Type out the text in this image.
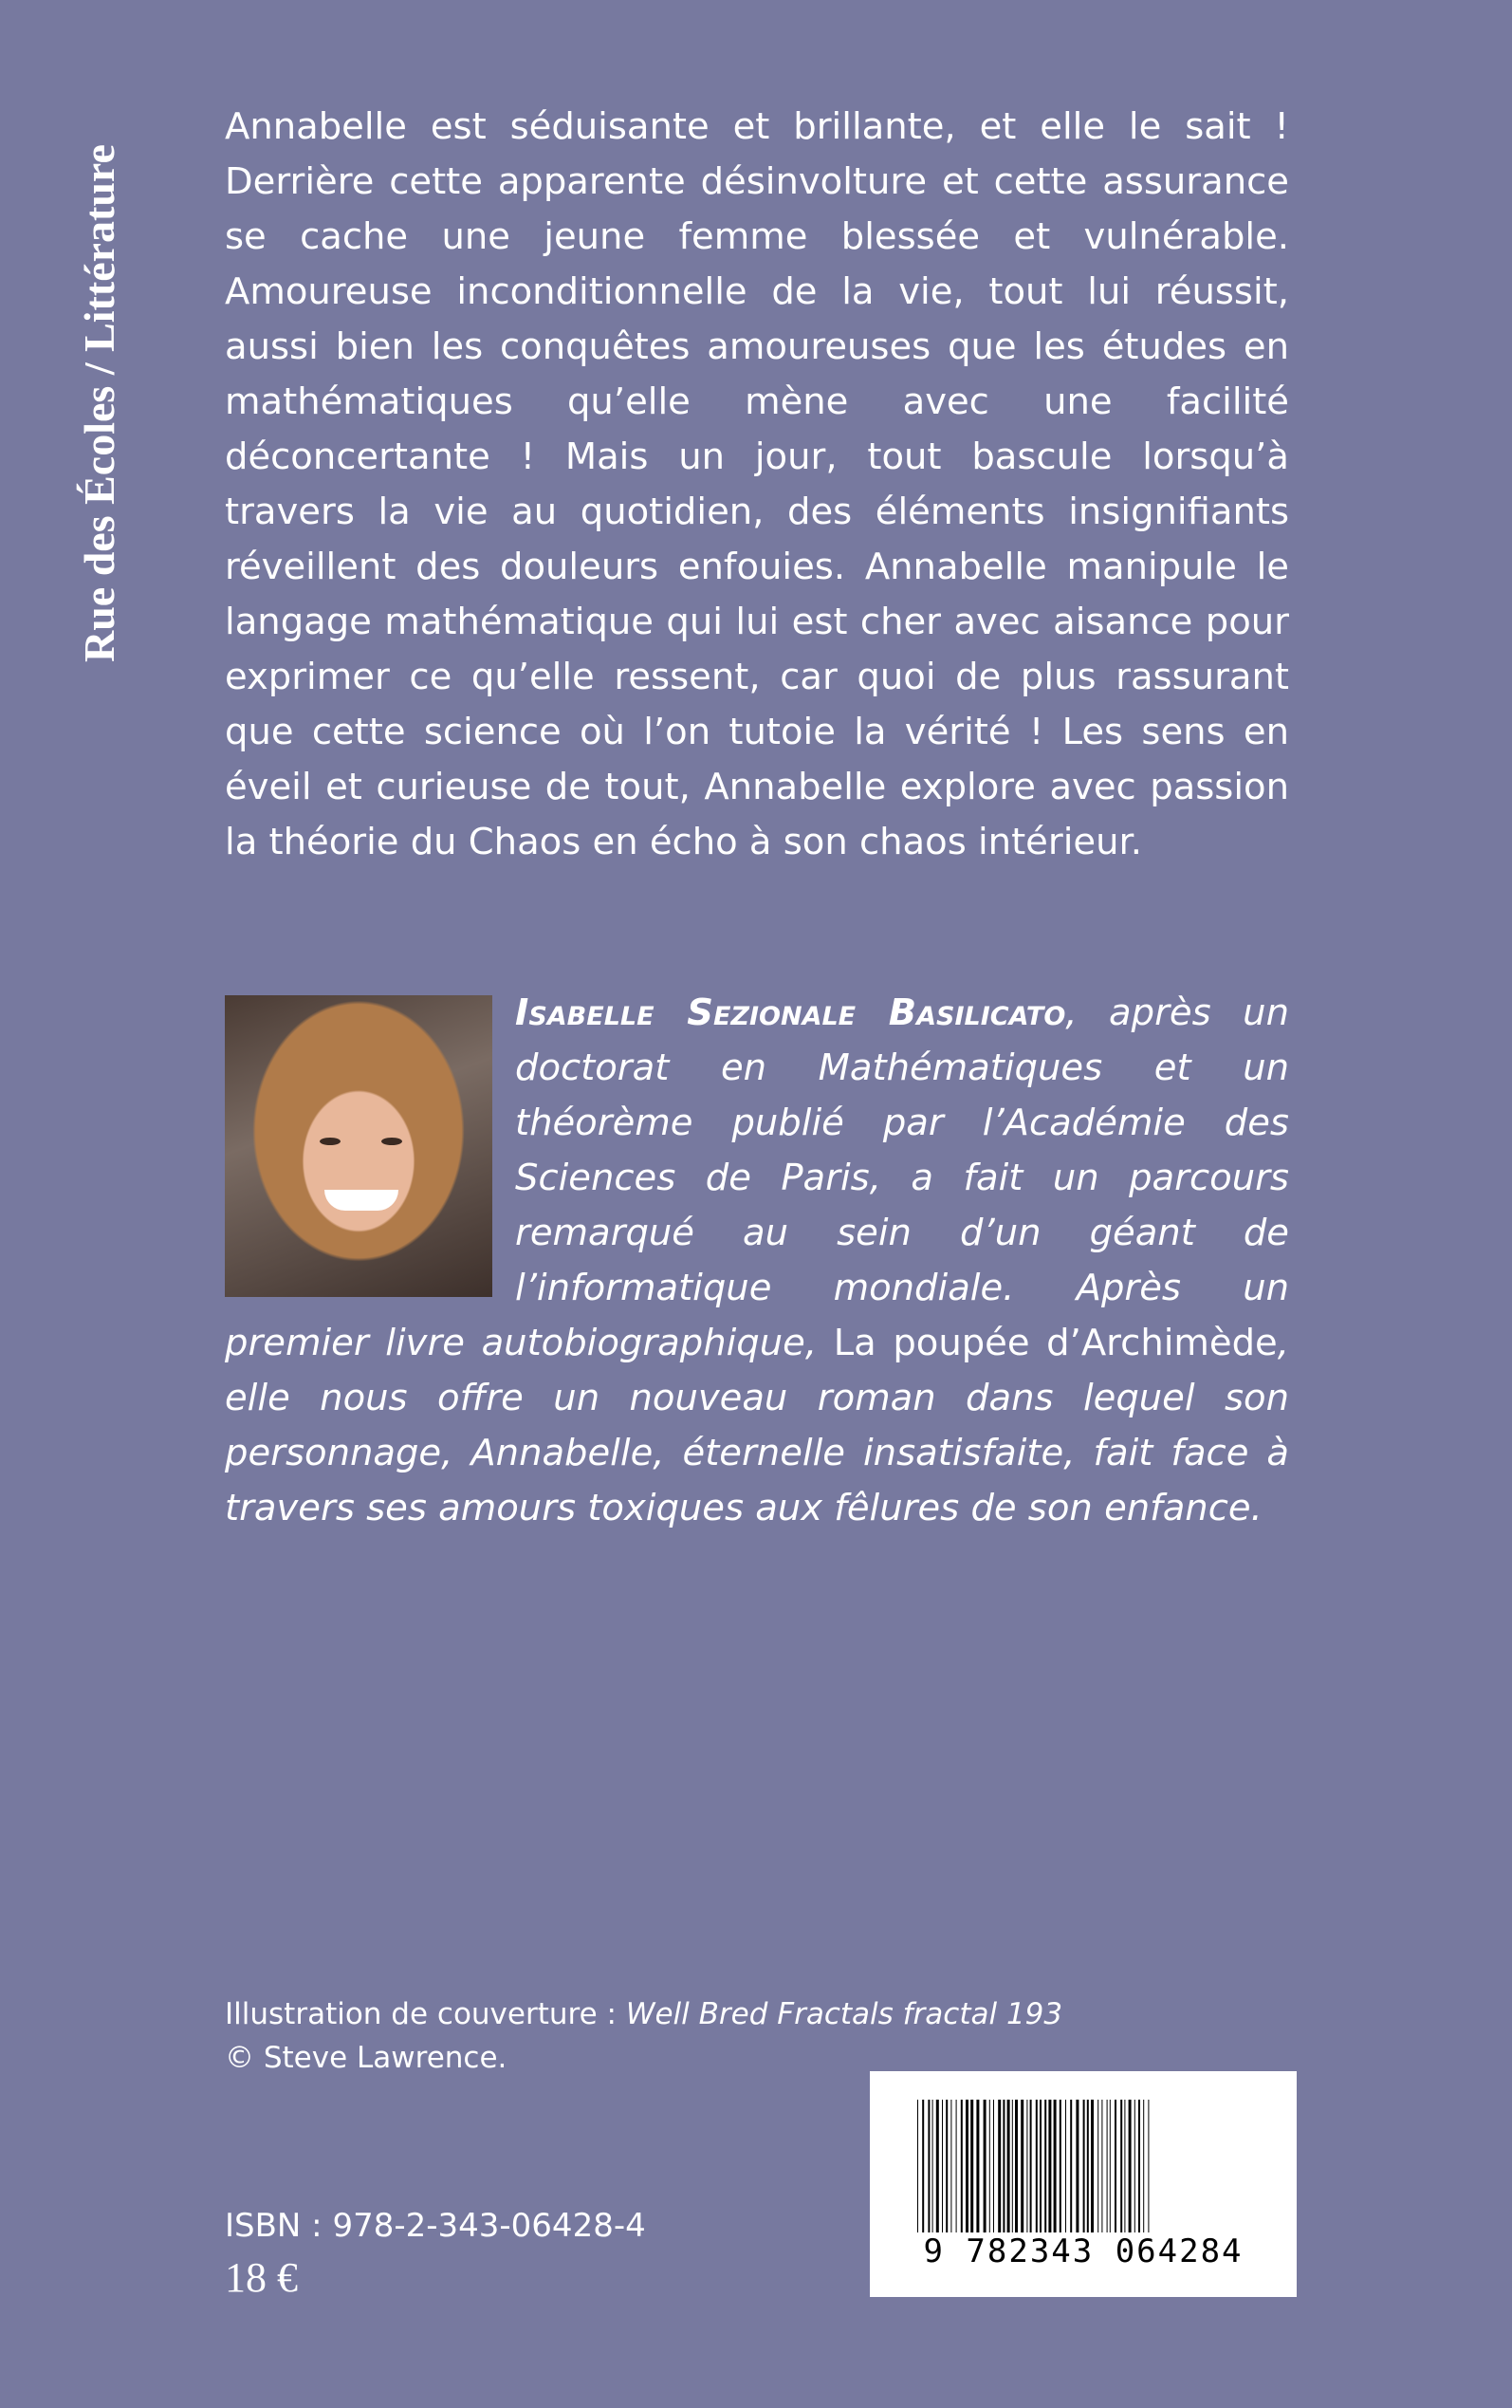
Rue des Écoles / Littérature

Annabelle est séduisante et brillante, et elle le sait ! Derrière cette apparente désinvolture et cette assurance se cache une jeune femme blessée et vulnérable. Amoureuse inconditionnelle de la vie, tout lui réussit, aussi bien les conquêtes amoureuses que les études en mathématiques qu’elle mène avec une facilité déconcertante ! Mais un jour, tout bascule lorsqu’à travers la vie au quotidien, des éléments insignifiants réveillent des douleurs enfouies. Annabelle manipule le langage mathématique qui lui est cher avec aisance pour exprimer ce qu’elle ressent, car quoi de plus rassurant que cette science où l’on tutoie la vérité ! Les sens en éveil et curieuse de tout, Annabelle explore avec passion la théorie du Chaos en écho à son chaos intérieur.

Isabelle Sezionale Basilicato, après un doctorat en Mathématiques et un théorème publié par l’Académie des Sciences de Paris, a fait un parcours remarqué au sein d’un géant de l’informatique mondiale. Après un premier livre autobiographique, La poupée d’Archimède, elle nous offre un nouveau roman dans lequel son personnage, Annabelle, éternelle insatisfaite, fait face à travers ses amours toxiques aux fêlures de son enfance.

Illustration de couverture : Well Bred Fractals fractal 193
© Steve Lawrence.

ISBN : 978-2-343-06428-4
18 €
9 782343 064284
